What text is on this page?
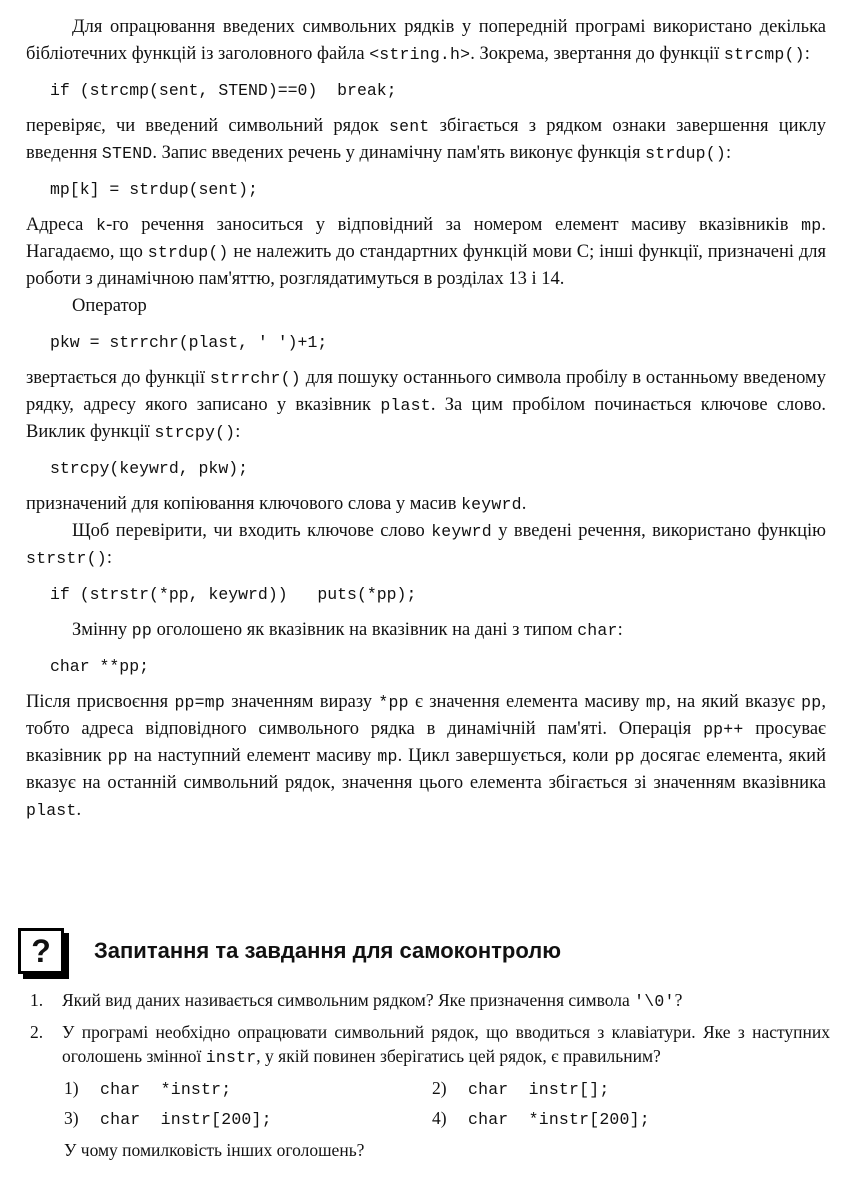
Для опрацювання введених символьних рядків у попередній програмі використано декілька бібліотечних функцій із заголовного файла <string.h>. Зокрема, звертання до функції strcmp():

if (strcmp(sent, STEND)==0)  break;

перевіряє, чи введений символьний рядок sent збігається з рядком ознаки завершення циклу введення STEND. Запис введених речень у динамічну пам'ять виконує функція strdup():

mp[k] = strdup(sent);

Адреса k-го речення заноситься у відповідний за номером елемент масиву вказівників mp. Нагадаємо, що strdup() не належить до стандартних функцій мови С; інші функції, призначені для роботи з динамічною пам'яттю, розглядатимуться в розділах 13 і 14.

Оператор

pkw = strrchr(plast, ' ')+1;

звертається до функції strrchr() для пошуку останнього символа пробілу в останньому введеному рядку, адресу якого записано у вказівник plast. За цим пробілом починається ключове слово. Виклик функції strcpy():

strcpy(keywrd, pkw);

призначений для копіювання ключового слова у масив keywrd.

Щоб перевірити, чи входить ключове слово keywrd у введені речення, використано функцію strstr():

if (strstr(*pp, keywrd))   puts(*pp);

Змінну pp оголошено як вказівник на вказівник на дані з типом char:

char **pp;

Після присвоєння pp=mp значенням виразу *pp є значення елемента масиву mp, на який вказує pp, тобто адреса відповідного символьного рядка в динамічній пам'яті. Операція pp++ просуває вказівник pp на наступний елемент масиву mp. Цикл завершується, коли pp досягає елемента, який вказує на останній символьний рядок, значення цього елемента збігається зі значенням вказівника plast.

?	Запитання та завдання для самоконтролю
1.	Який вид даних називається символьним рядком? Яке призначення символа '\0'?
2.	У програмі необхідно опрацювати символьний рядок, що вводиться з клавіатури. Яке з наступних оголошень змінної instr, у якій повинен зберігатись цей рядок, є правильним?
1) char  *instr;	2) char  instr[];
3) char  instr[200];	4) char  *instr[200];
У чому помилковість інших оголошень?
